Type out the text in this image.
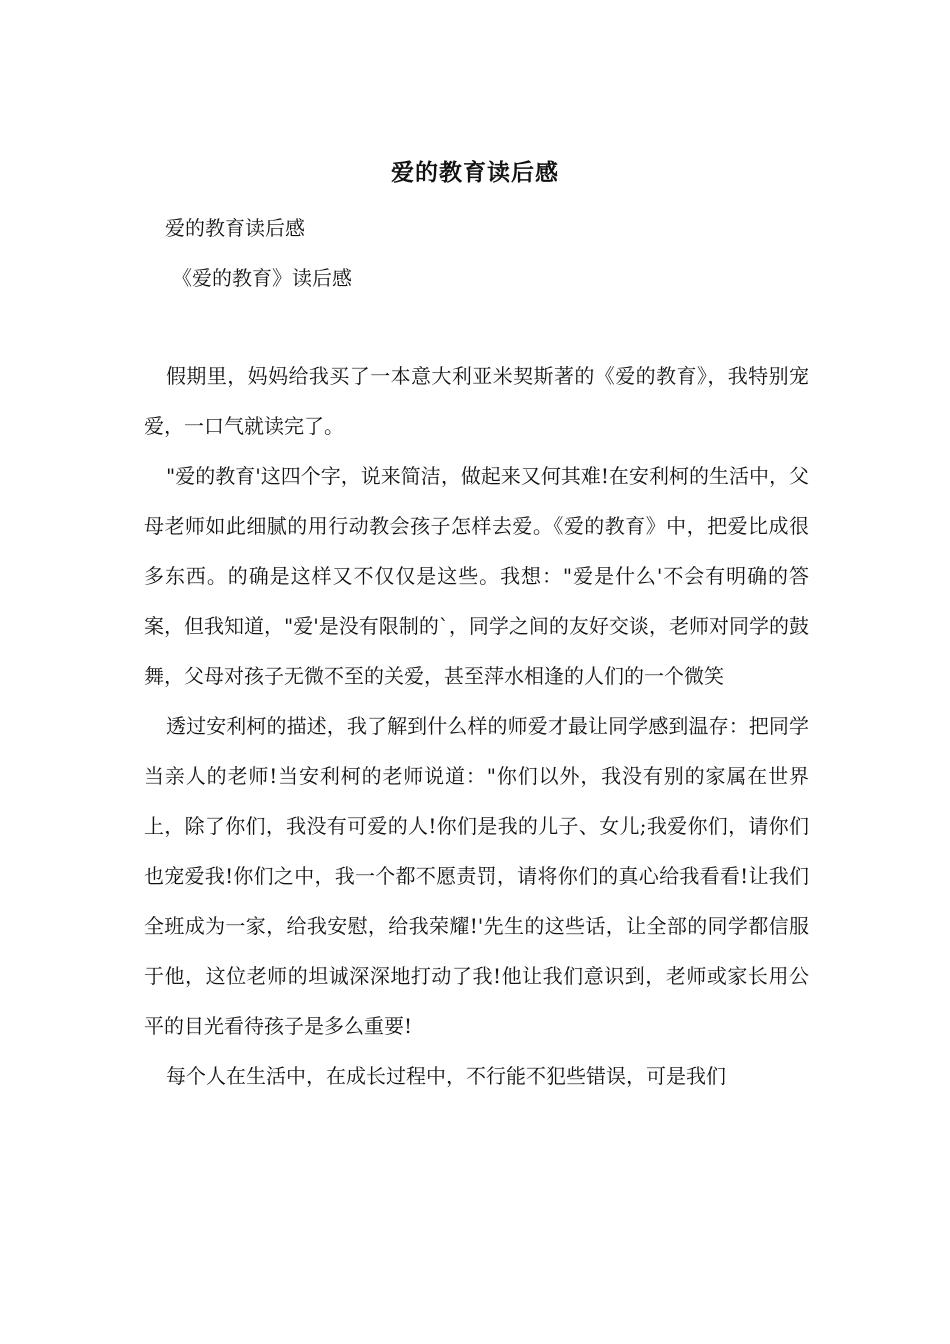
爱的教育读后感
爱的教育读后感
《爱的教育》读后感

假期里，妈妈给我买了一本意大利亚米契斯著的《爱的教育》，我特别宠爱，一口气就读完了。

"爱的教育'这四个字，说来简洁，做起来又何其难!在安利柯的生活中，父母老师如此细腻的用行动教会孩子怎样去爱。《爱的教育》中，把爱比成很多东西。的确是这样又不仅仅是这些。我想："爱是什么'不会有明确的答案，但我知道，"爱'是没有限制的`，同学之间的友好交谈，老师对同学的鼓舞，父母对孩子无微不至的关爱，甚至萍水相逢的人们的一个微笑

透过安利柯的描述，我了解到什么样的师爱才最让同学感到温存：把同学当亲人的老师!当安利柯的老师说道："你们以外，我没有别的家属在世界上，除了你们，我没有可爱的人!你们是我的儿子、女儿;我爱你们，请你们也宠爱我!你们之中，我一个都不愿责罚，请将你们的真心给我看看!让我们全班成为一家，给我安慰，给我荣耀!'先生的这些话，让全部的同学都信服于他，这位老师的坦诚深深地打动了我!他让我们意识到，老师或家长用公平的目光看待孩子是多么重要!

每个人在生活中，在成长过程中，不行能不犯些错误，可是我们
